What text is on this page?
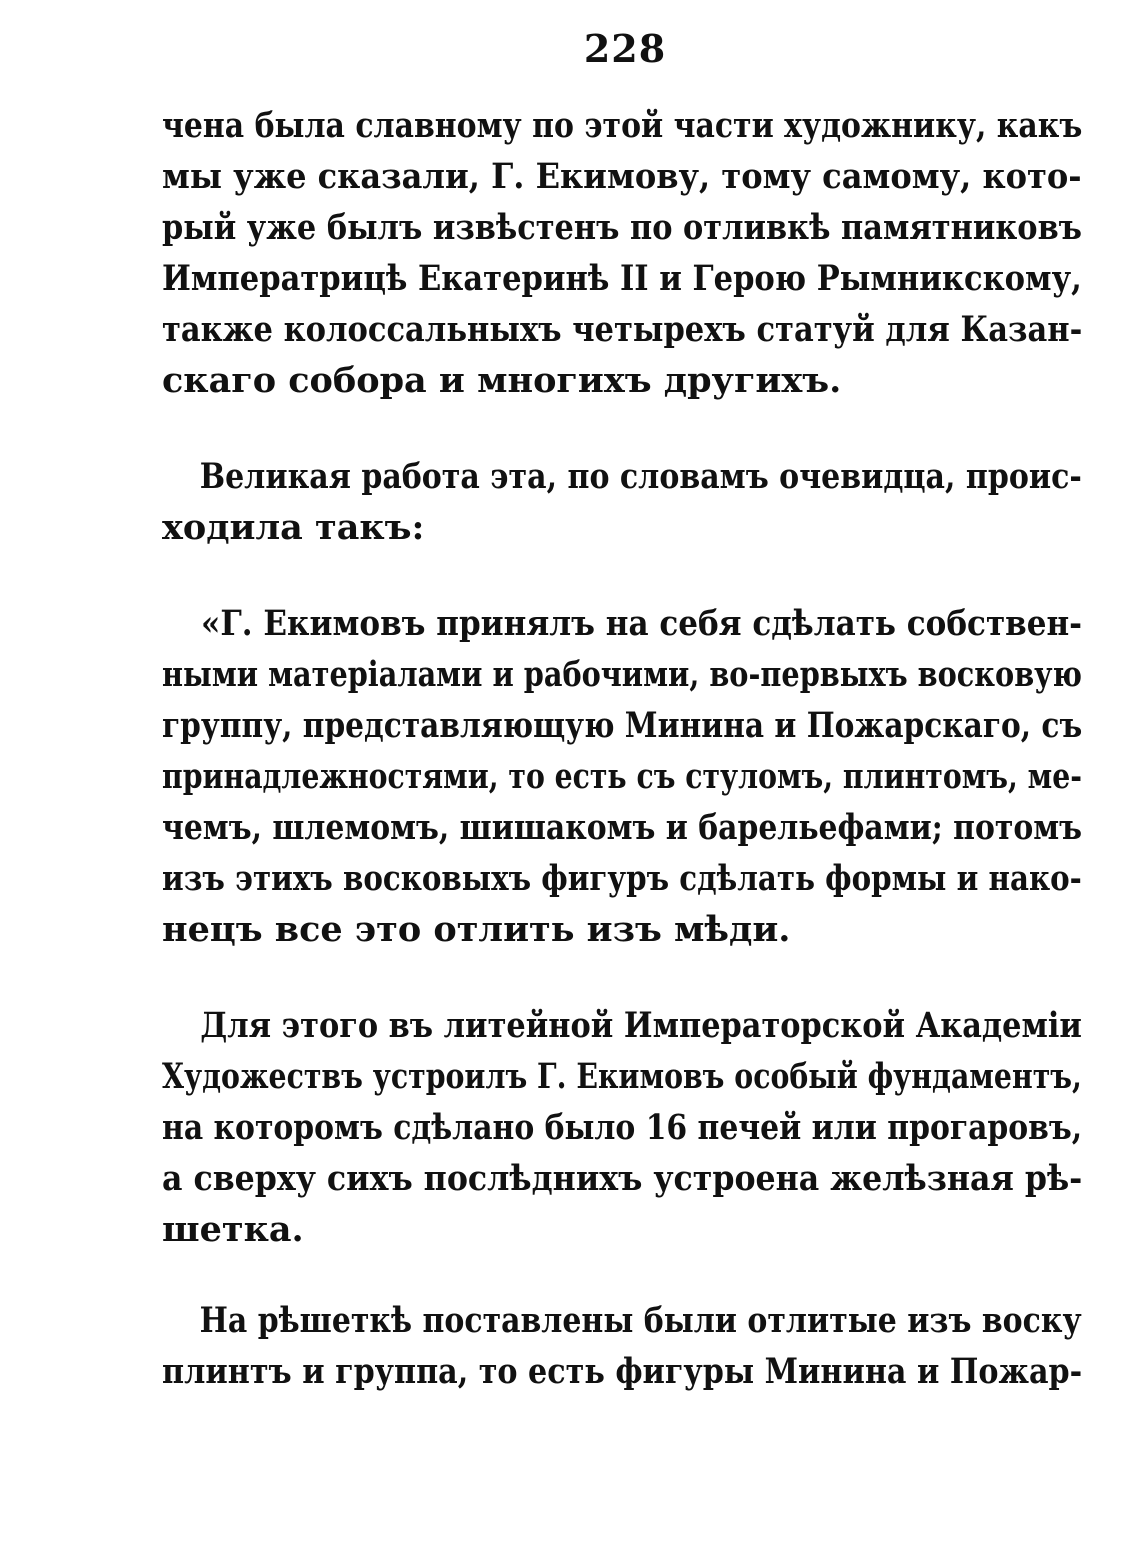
228
чена была славному по этой части художнику, какъ
мы уже сказали, Г. Екимову, тому самому, кото-
рый уже былъ извѣстенъ по отливкѣ памятниковъ
Императрицѣ Екатеринѣ II и Герою Рымникскому,
также колоссальныхъ четырехъ статуй для Казан-
скаго собора и многихъ другихъ.
Великая работа эта, по словамъ очевидца, проис-
ходила такъ:
«Г. Екимовъ принялъ на себя сдѣлать собствен-
ными матеріалами и рабочими, во-первыхъ восковую
группу, представляющую Минина и Пожарскаго, съ
принадлежностями, то есть съ стуломъ, плинтомъ, ме-
чемъ, шлемомъ, шишакомъ и барельефами; потомъ
изъ этихъ восковыхъ фигуръ сдѣлать формы и нако-
нецъ все это отлить изъ мѣди.
Для этого въ литейной Императорской Академіи
Художествъ устроилъ Г. Екимовъ особый фундаментъ,
на которомъ сдѣлано было 16 печей или прогаровъ,
а сверху сихъ послѣднихъ устроена желѣзная рѣ-
шетка.
На рѣшеткѣ поставлены были отлитые изъ воску
плинтъ и группа, то есть фигуры Минина и Пожар-
